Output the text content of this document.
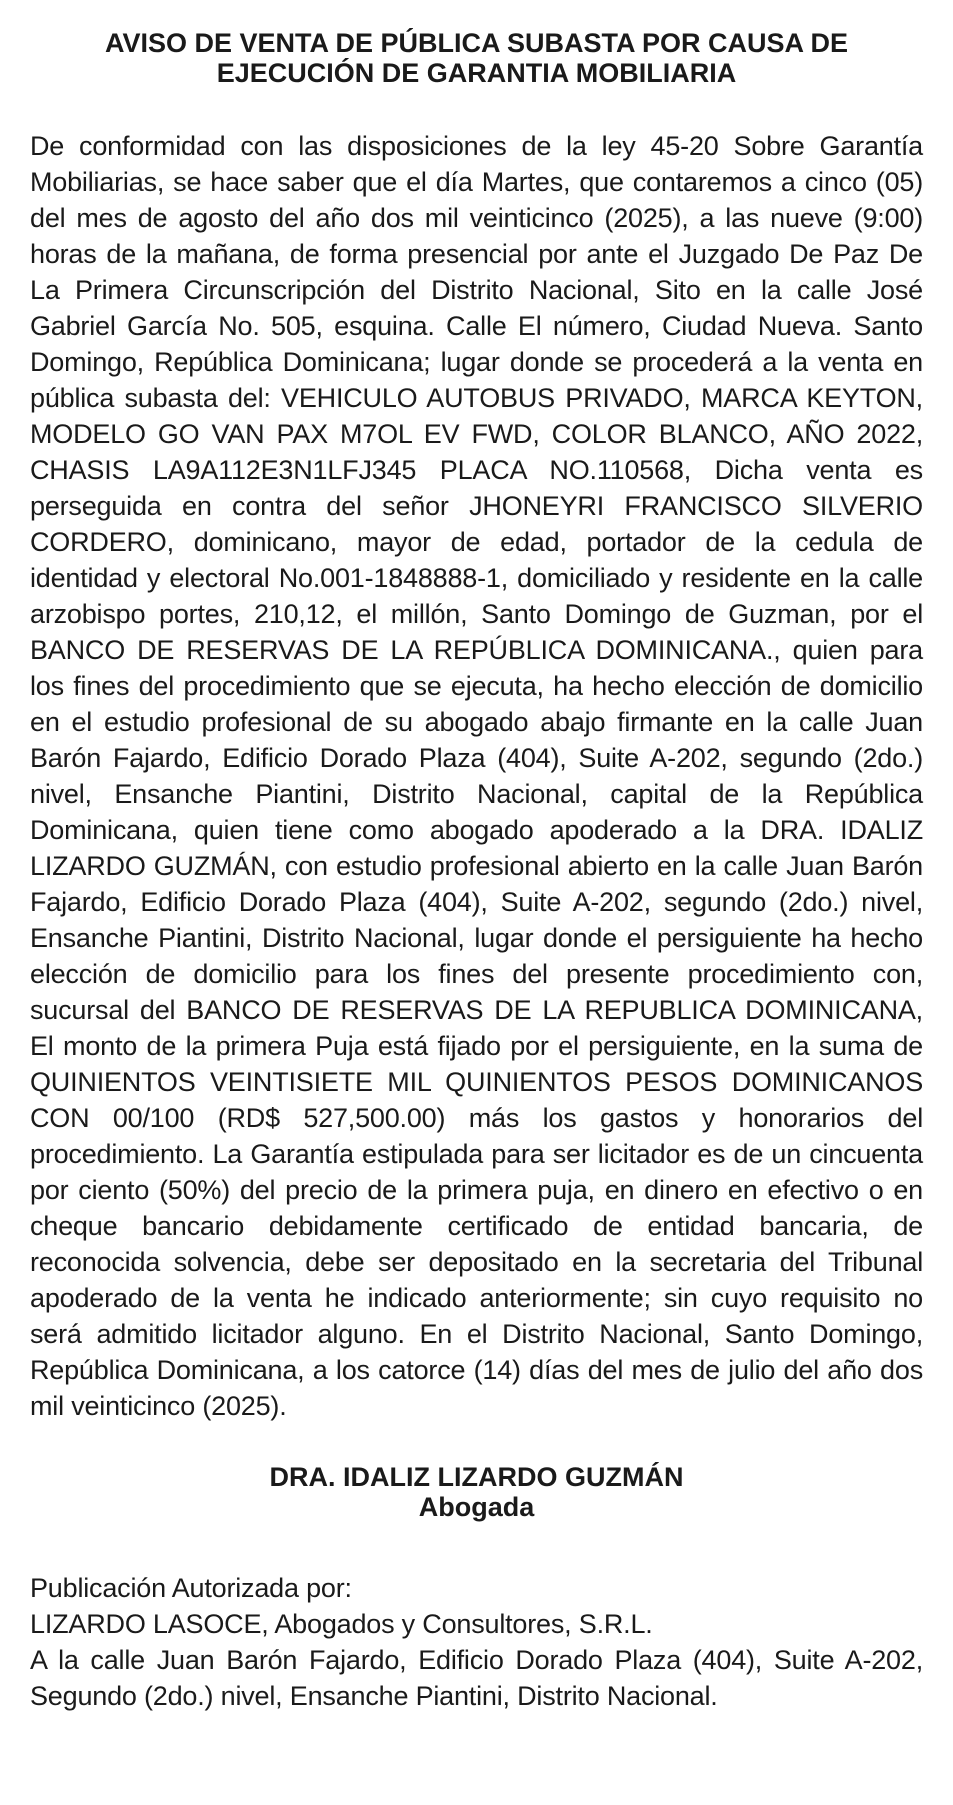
AVISO DE VENTA DE PÚBLICA SUBASTA POR CAUSA DE
EJECUCIÓN DE GARANTIA MOBILIARIA

De conformidad con las disposiciones de la ley 45-20 Sobre Garantía Mobiliarias, se hace saber que el día Martes, que contaremos a cinco (05) del mes de agosto del año dos mil veinticinco (2025), a las nueve (9:00) horas de la mañana, de forma presencial por ante el Juzgado De Paz De La Primera Circunscripción del Distrito Nacional, Sito en la calle José Gabriel García No. 505, esquina. Calle El número, Ciudad Nueva. Santo Domingo, República Dominicana; lugar donde se procederá a la venta en pública subasta del: VEHICULO AUTOBUS PRIVADO, MARCA KEYTON, MODELO GO VAN PAX M7OL EV FWD, COLOR BLANCO, AÑO 2022, CHASIS LA9A112E3N1LFJ345 PLACA NO.110568, Dicha venta es perseguida en contra del señor JHONEYRI FRANCISCO SILVERIO CORDERO, dominicano, mayor de edad, portador de la cedula de identidad y electoral No.001-1848888-1, domiciliado y residente en la calle arzobispo portes, 210,12, el millón, Santo Domingo de Guzman, por el BANCO DE RESERVAS DE LA REPÚBLICA DOMINICANA., quien para los fines del procedimiento que se ejecuta, ha hecho elección de domicilio en el estudio profesional de su abogado abajo firmante en la calle Juan Barón Fajardo, Edificio Dorado Plaza (404), Suite A-202, segundo (2do.) nivel, Ensanche Piantini, Distrito Nacional, capital de la República Dominicana, quien tiene como abogado apoderado a la DRA. IDALIZ LIZARDO GUZMÁN, con estudio profesional abierto en la calle Juan Barón Fajardo, Edificio Dorado Plaza (404), Suite A-202, segundo (2do.) nivel, Ensanche Piantini, Distrito Nacional, lugar donde el persiguiente ha hecho elección de domicilio para los fines del presente procedimiento con, sucursal del BANCO DE RESERVAS DE LA REPUBLICA DOMINICANA, El monto de la primera Puja está fijado por el persiguiente, en la suma de QUINIENTOS VEINTISIETE MIL QUINIENTOS PESOS DOMINICANOS CON 00/100 (RD$ 527,500.00) más los gastos y honorarios del procedimiento. La Garantía estipulada para ser licitador es de un cincuenta por ciento (50%) del precio de la primera puja, en dinero en efectivo o en cheque bancario debidamente certificado de entidad bancaria, de reconocida solvencia, debe ser depositado en la secretaria del Tribunal apoderado de la venta he indicado anteriormente; sin cuyo requisito no será admitido licitador alguno. En el Distrito Nacional, Santo Domingo, República Dominicana, a los catorce (14) días del mes de julio del año dos mil veinticinco (2025).

DRA. IDALIZ LIZARDO GUZMÁN
Abogada

Publicación Autorizada por:

LIZARDO LASOCE, Abogados y Consultores, S.R.L.

A la calle Juan Barón Fajardo, Edificio Dorado Plaza (404), Suite A-202, Segundo (2do.) nivel, Ensanche Piantini, Distrito Nacional.
